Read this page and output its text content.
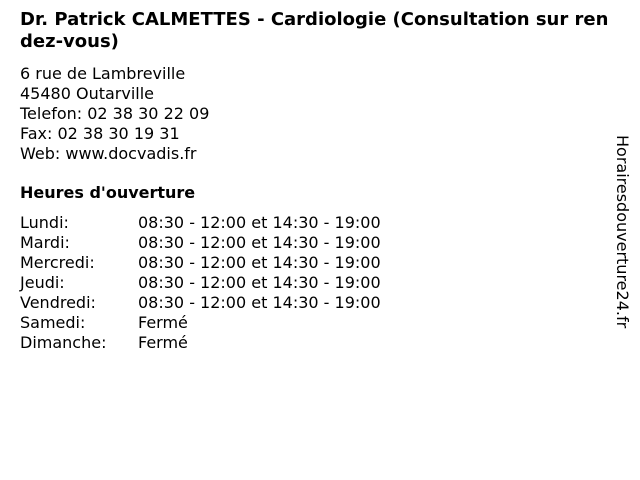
Dr. Patrick CALMETTES - Cardiologie (Consultation sur rendez-vous)
6 rue de Lambreville
45480 Outarville
Telefon: 02 38 30 22 09
Fax: 02 38 30 19 31
Web: www.docvadis.fr
Heures d'ouverture
Lundi:	08:30 - 12:00 et 14:30 - 19:00
Mardi:	08:30 - 12:00 et 14:30 - 19:00
Mercredi:	08:30 - 12:00 et 14:30 - 19:00
Jeudi:	08:30 - 12:00 et 14:30 - 19:00
Vendredi:	08:30 - 12:00 et 14:30 - 19:00
Samedi:	Fermé
Dimanche:	Fermé
Horairesdouverture24.fr
